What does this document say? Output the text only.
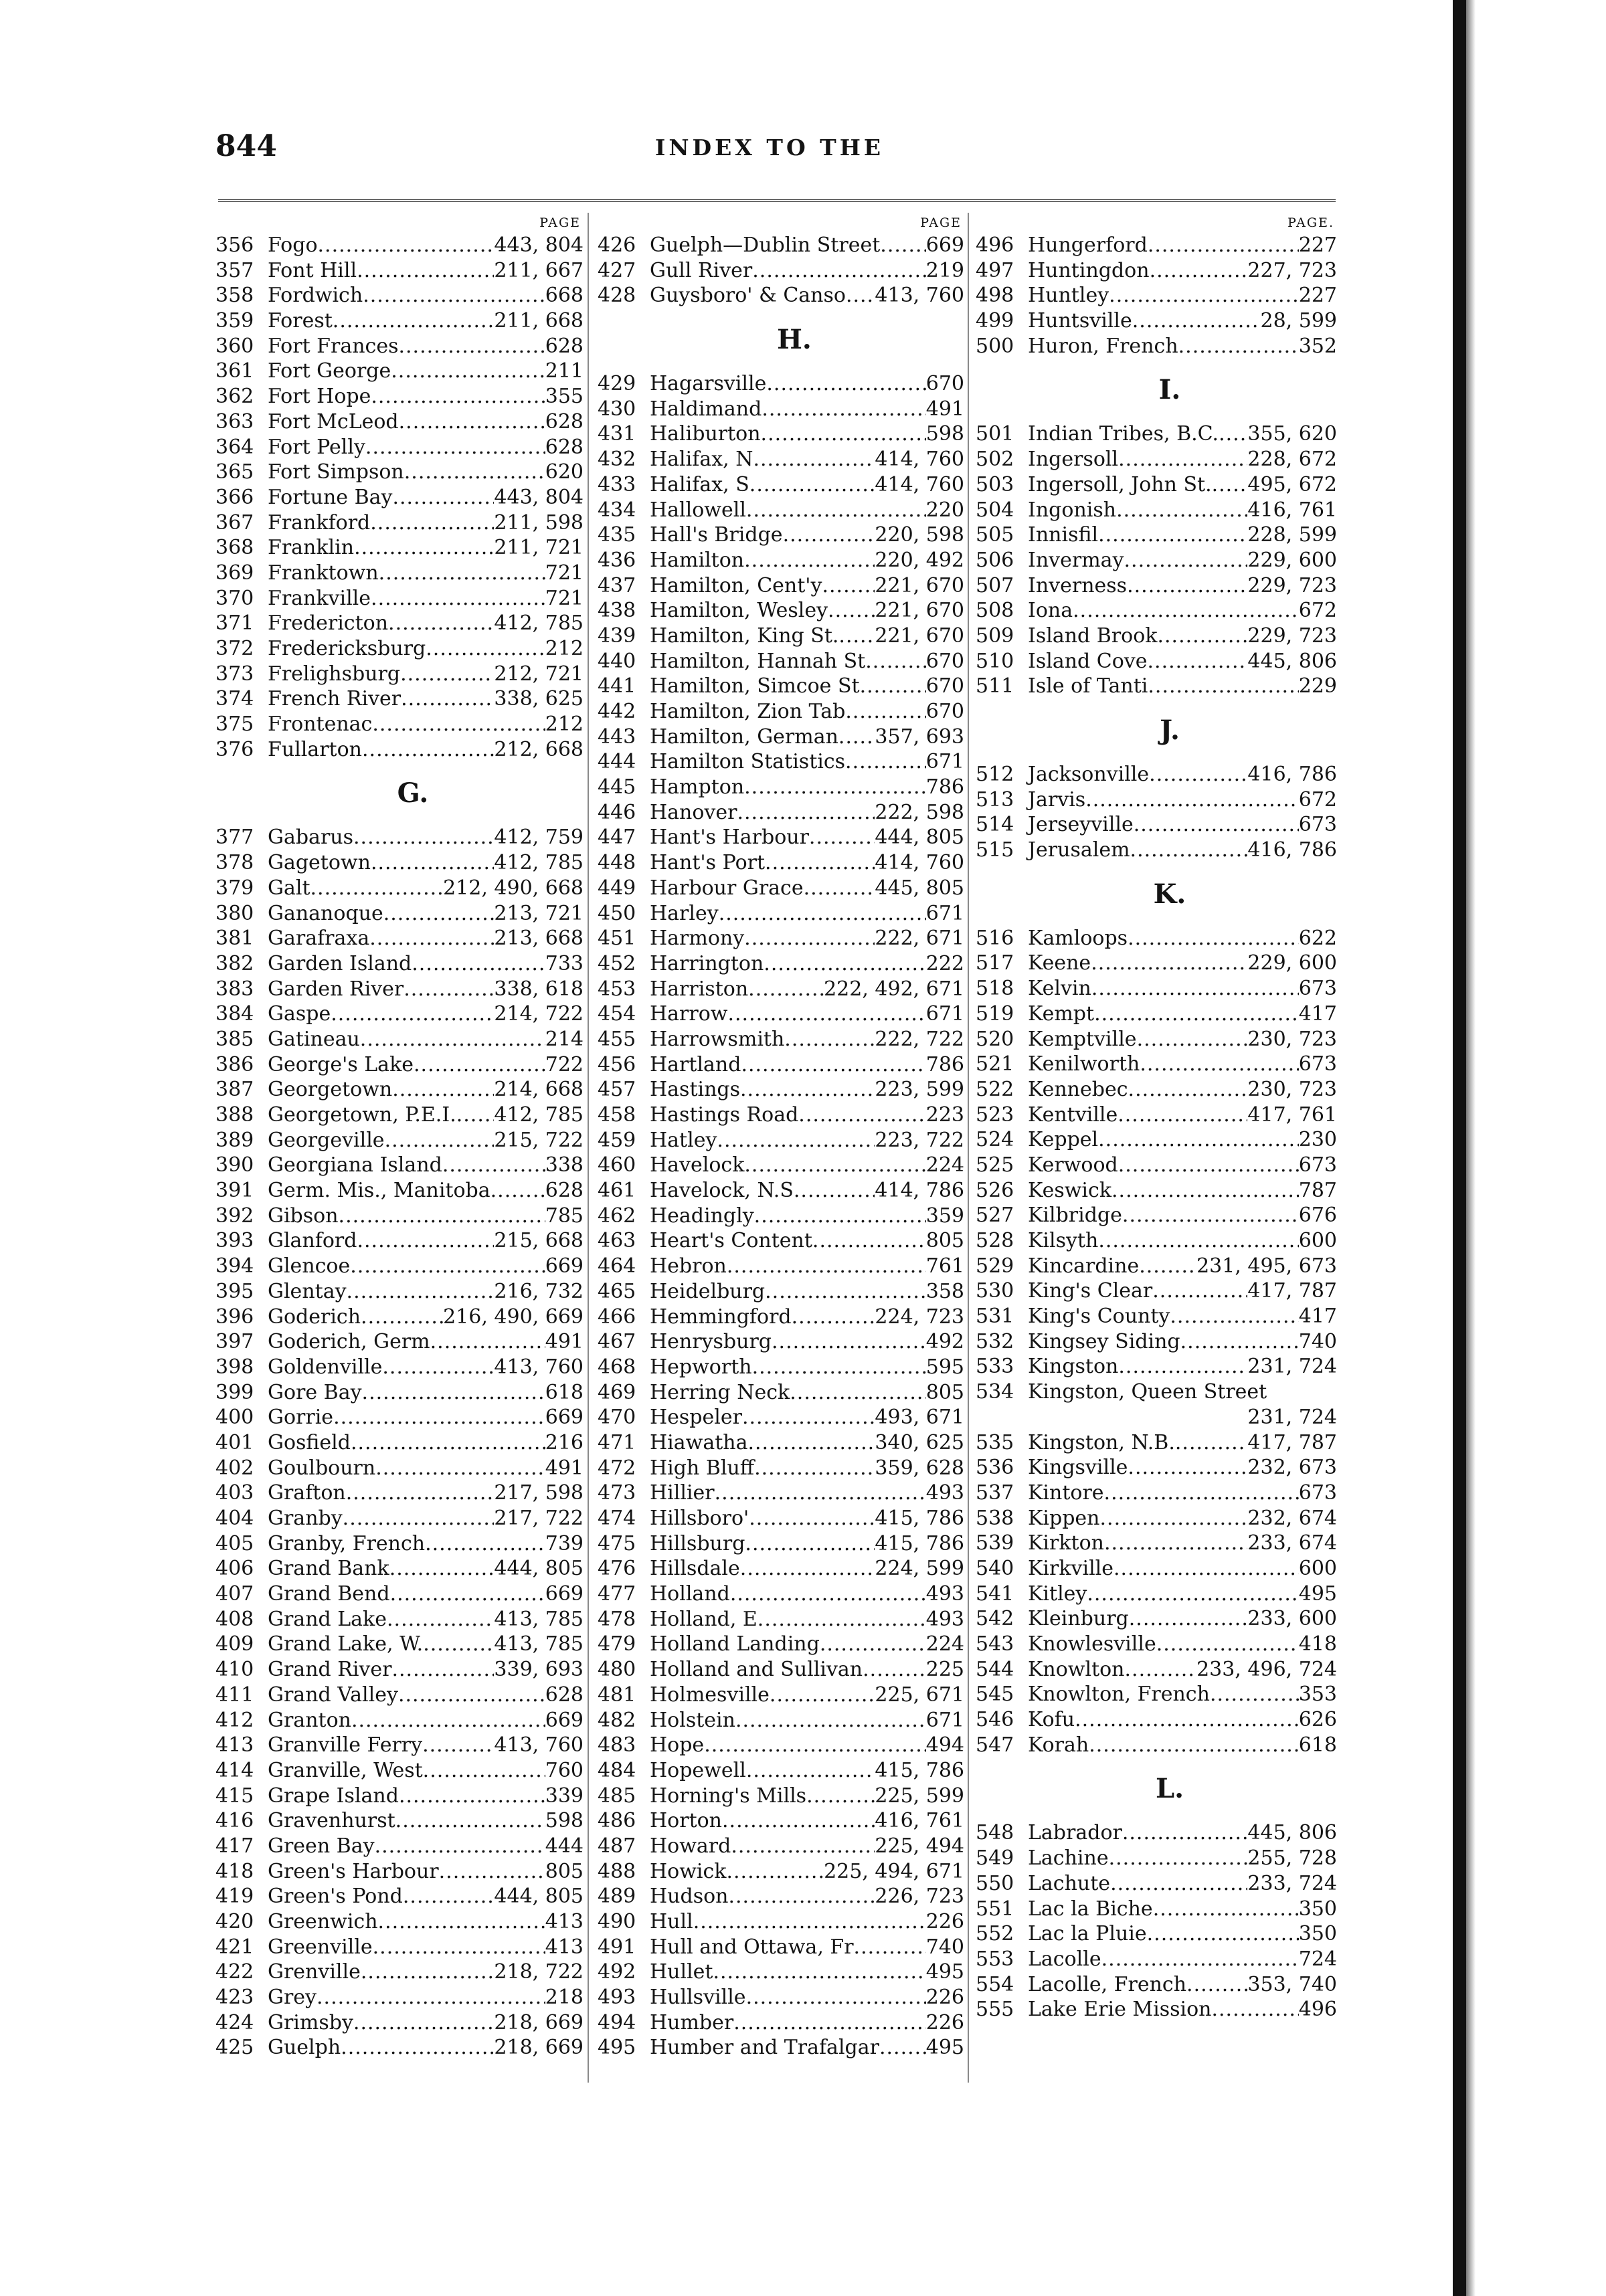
844	INDEX TO THE
PAGE
356 Fogo .....	443, 804
357 Font Hill .....	211, 667
358 Fordwich .....	668
359 Forest .....	211, 668
360 Fort Frances .....	628
361 Fort George .....	211
362 Fort Hope .....	355
363 Fort McLeod .....	628
364 Fort Pelly .....	628
365 Fort Simpson .....	620
366 Fortune Bay .....	443, 804
367 Frankford .....	211, 598
368 Franklin .....	211, 721
369 Franktown .....	721
370 Frankville .....	721
371 Fredericton .....	412, 785
372 Fredericksburg .....	212
373 Frelighsburg .....	212, 721
374 French River .....	338, 625
375 Frontenac .....	212
376 Fullarton .....	212, 668
G.
377 Gabarus .....	412, 759
378 Gagetown .....	412, 785
379 Galt .....	212, 490, 668
380 Gananoque .....	213, 721
381 Garafraxa .....	213, 668
382 Garden Island .....	733
383 Garden River .....	338, 618
384 Gaspe .....	214, 722
385 Gatineau .....	214
386 George's Lake .....	722
387 Georgetown .....	214, 668
388 Georgetown, P.E.I. ..... 412, 785
389 Georgeville .....	215, 722
390 Georgiana Island .....	338
391 Germ. Mis., Manitoba .....	628
392 Gibson .....	785
393 Glanford .....	215, 668
394 Glencoe .....	669
395 Glentay .....	216, 732
396 Goderich .....	216, 490, 669
397 Goderich, Germ .....	491
398 Goldenville .....	413, 760
399 Gore Bay .....	618
400 Gorrie .....	669
401 Gosfield .....	216
402 Goulbourn .....	491
403 Grafton .....	217, 598
404 Granby .....	217, 722
405 Granby, French .....	739
406 Grand Bank .....	444, 805
407 Grand Bend .....	669
408 Grand Lake .....	413, 785
409 Grand Lake, W. .....	413, 785
410 Grand River .....	339, 693
411 Grand Valley .....	628
412 Granton .....	669
413 Granville Ferry .....	413, 760
414 Granville, West .....	760
415 Grape Island .....	339
416 Gravenhurst .....	598
417 Green Bay .....	444
418 Green's Harbour .....	805
419 Green's Pond .....	444, 805
420 Greenwich .....	413
421 Greenville .....	413
422 Grenville .....	218, 722
423 Grey .....	218
424 Grimsby .....	218, 669
425 Guelph .....	218, 669
PAGE
426 Guelph—Dublin Street ..... 669
427 Gull River .....	219
428 Guysboro' & Canso ..... 413, 760
H.
429 Hagarsville .....	670
430 Haldimand .....	491
431 Haliburton .....	598
432 Halifax, N .....	414, 760
433 Halifax, S .....	414, 760
434 Hallowell .....	220
435 Hall's Bridge .....	220, 598
436 Hamilton .....	220, 492
437 Hamilton, Cent'y .....	221, 670
438 Hamilton, Wesley ..... 221, 670
439 Hamilton, King St. ..... 221, 670
440 Hamilton, Hannah St .....	670
441 Hamilton, Simcoe St .....	670
442 Hamilton, Zion Tab .....	670
443 Hamilton, German ..... 357, 693
444 Hamilton Statistics .....	671
445 Hampton .....	786
446 Hanover .....	222, 598
447 Hant's Harbour .....	444, 805
448 Hant's Port .....	414, 760
449 Harbour Grace .....	445, 805
450 Harley .....	671
451 Harmony .....	222, 671
452 Harrington .....	222
453 Harriston .....	222, 492, 671
454 Harrow .....	671
455 Harrowsmith .....	222, 722
456 Hartland .....	786
457 Hastings .....	223, 599
458 Hastings Road .....	223
459 Hatley .....	223, 722
460 Havelock .....	224
461 Havelock, N.S .....	414, 786
462 Headingly .....	359
463 Heart's Content .....	805
464 Hebron .....	761
465 Heidelburg .....	358
466 Hemmingford .....	224, 723
467 Henrysburg .....	492
468 Hepworth .....	595
469 Herring Neck .....	805
470 Hespeler .....	493, 671
471 Hiawatha .....	340, 625
472 High Bluff .....	359, 628
473 Hillier .....	493
474 Hillsboro' .....	415, 786
475 Hillsburg .....	415, 786
476 Hillsdale .....	224, 599
477 Holland .....	493
478 Holland, E .....	493
479 Holland Landing .....	224
480 Holland and Sullivan .....	225
481 Holmesville .....	225, 671
482 Holstein .....	671
483 Hope .....	494
484 Hopewell .....	415, 786
485 Horning's Mills .....	225, 599
486 Horton .....	416, 761
487 Howard .....	225, 494
488 Howick .....	225, 494, 671
489 Hudson .....	226, 723
490 Hull .....	226
491 Hull and Ottawa, Fr .....	740
492 Hullet .....	495
493 Hullsville .....	226
494 Humber .....	226
495 Humber and Trafalgar ..... 495
PAGE.
496 Hungerford .....	227
497 Huntingdon .....	227, 723
498 Huntley .....	227
499 Huntsville .....	28, 599
500 Huron, French .....	352
I.
501 Indian Tribes, B.C. ..... 355, 620
502 Ingersoll .....	228, 672
503 Ingersoll, John St. ..... 495, 672
504 Ingonish .....	416, 761
505 Innisfil .....	228, 599
506 Invermay .....	229, 600
507 Inverness .....	229, 723
508 Iona .....	672
509 Island Brook .....	229, 723
510 Island Cove .....	445, 806
511 Isle of Tanti .....	229
J.
512 Jacksonville .....	416, 786
513 Jarvis .....	672
514 Jerseyville .....	673
515 Jerusalem .....	416, 786
K.
516 Kamloops .....	622
517 Keene .....	229, 600
518 Kelvin .....	673
519 Kempt .....	417
520 Kemptville .....	230, 723
521 Kenilworth .....	673
522 Kennebec .....	230, 723
523 Kentville .....	417, 761
524 Keppel .....	230
525 Kerwood .....	673
526 Keswick .....	787
527 Kilbridge .....	676
528 Kilsyth .....	600
529 Kincardine .....	231, 495, 673
530 King's Clear .....	417, 787
531 King's County .....	417
532 Kingsey Siding .....	740
533 Kingston .....	231, 724
534 Kingston, Queen Street
231, 724
535 Kingston, N.B. .....	417, 787
536 Kingsville .....	232, 673
537 Kintore .....	673
538 Kippen .....	232, 674
539 Kirkton .....	233, 674
540 Kirkville .....	600
541 Kitley .....	495
542 Kleinburg .....	233, 600
543 Knowlesville .....	418
544 Knowlton .....	233, 496, 724
545 Knowlton, French .....	353
546 Kofu .....	626
547 Korah .....	618
L.
548 Labrador .....	445, 806
549 Lachine .....	255, 728
550 Lachute .....	233, 724
551 Lac la Biche .....	350
552 Lac la Pluie .....	350
553 Lacolle .....	724
554 Lacolle, French .....	353, 740
555 Lake Erie Mission .....	496
